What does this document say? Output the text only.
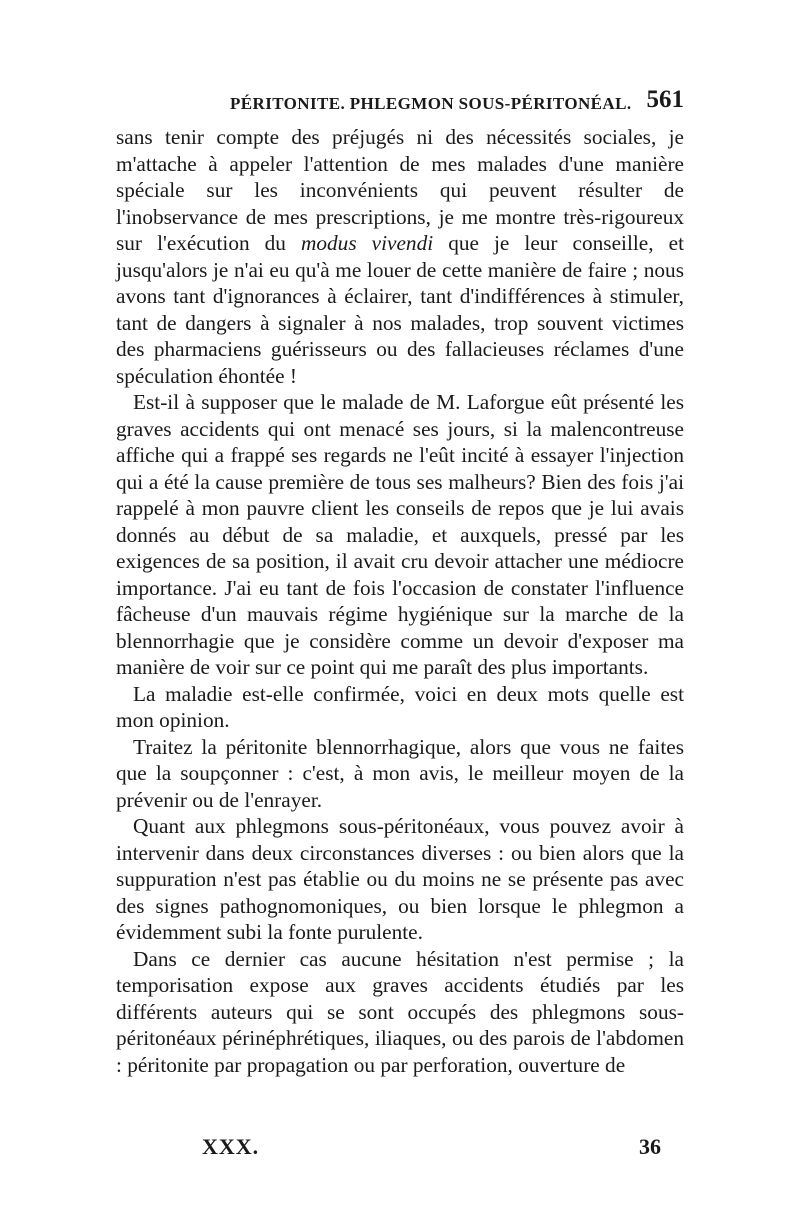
PÉRITONITE. PHLEGMON SOUS-PÉRITONÉAL. 561

sans tenir compte des préjugés ni des nécessités sociales, je m'attache à appeler l'attention de mes malades d'une manière spéciale sur les inconvénients qui peuvent résulter de l'inobservance de mes prescriptions, je me montre très-rigoureux sur l'exécution du modus vivendi que je leur conseille, et jusqu'alors je n'ai eu qu'à me louer de cette manière de faire ; nous avons tant d'ignorances à éclairer, tant d'indifférences à stimuler, tant de dangers à signaler à nos malades, trop souvent victimes des pharmaciens guérisseurs ou des fallacieuses réclames d'une spéculation éhontée !

Est-il à supposer que le malade de M. Laforgue eût présenté les graves accidents qui ont menacé ses jours, si la malencontreuse affiche qui a frappé ses regards ne l'eût incité à essayer l'injection qui a été la cause première de tous ses malheurs? Bien des fois j'ai rappelé à mon pauvre client les conseils de repos que je lui avais donnés au début de sa maladie, et auxquels, pressé par les exigences de sa position, il avait cru devoir attacher une médiocre importance. J'ai eu tant de fois l'occasion de constater l'influence fâcheuse d'un mauvais régime hygiénique sur la marche de la blennorrhagie que je considère comme un devoir d'exposer ma manière de voir sur ce point qui me paraît des plus importants.

La maladie est-elle confirmée, voici en deux mots quelle est mon opinion.

Traitez la péritonite blennorrhagique, alors que vous ne faites que la soupçonner : c'est, à mon avis, le meilleur moyen de la prévenir ou de l'enrayer.

Quant aux phlegmons sous-péritonéaux, vous pouvez avoir à intervenir dans deux circonstances diverses : ou bien alors que la suppuration n'est pas établie ou du moins ne se présente pas avec des signes pathognomoniques, ou bien lorsque le phlegmon a évidemment subi la fonte purulente.

Dans ce dernier cas aucune hésitation n'est permise ; la temporisation expose aux graves accidents étudiés par les différents auteurs qui se sont occupés des phlegmons sous-péritonéaux périnéphrétiques, iliaques, ou des parois de l'abdomen : péritonite par propagation ou par perforation, ouverture de

XXX.	36
